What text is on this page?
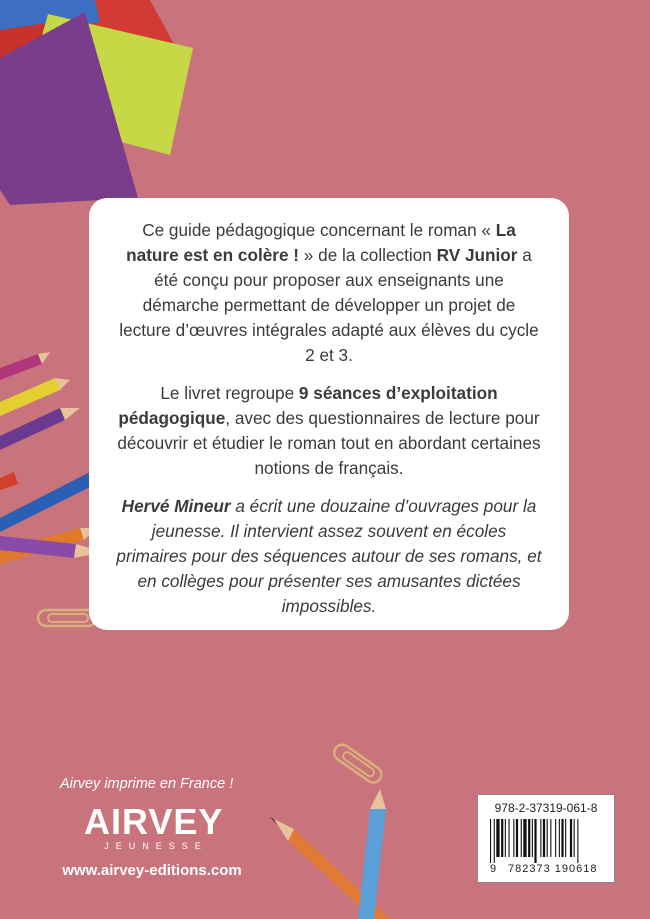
Ce guide pédagogique concernant le roman « La nature est en colère ! » de la collection RV Junior a été conçu pour proposer aux enseignants une démarche permettant de développer un projet de lecture d’œuvres intégrales adapté aux élèves du cycle 2 et 3.

Le livret regroupe 9 séances d’exploitation pédagogique, avec des questionnaires de lecture pour découvrir et étudier le roman tout en abordant certaines notions de français.

Hervé Mineur a écrit une douzaine d’ouvrages pour la jeunesse. Il intervient assez souvent en écoles primaires pour des séquences autour de ses romans, et en collèges pour présenter ses amusantes dictées impossibles.

Airvey imprime en France !
AIRVEY
JEUNESSE
www.airvey-editions.com
978-2-37319-061-8
9 782373 190618
